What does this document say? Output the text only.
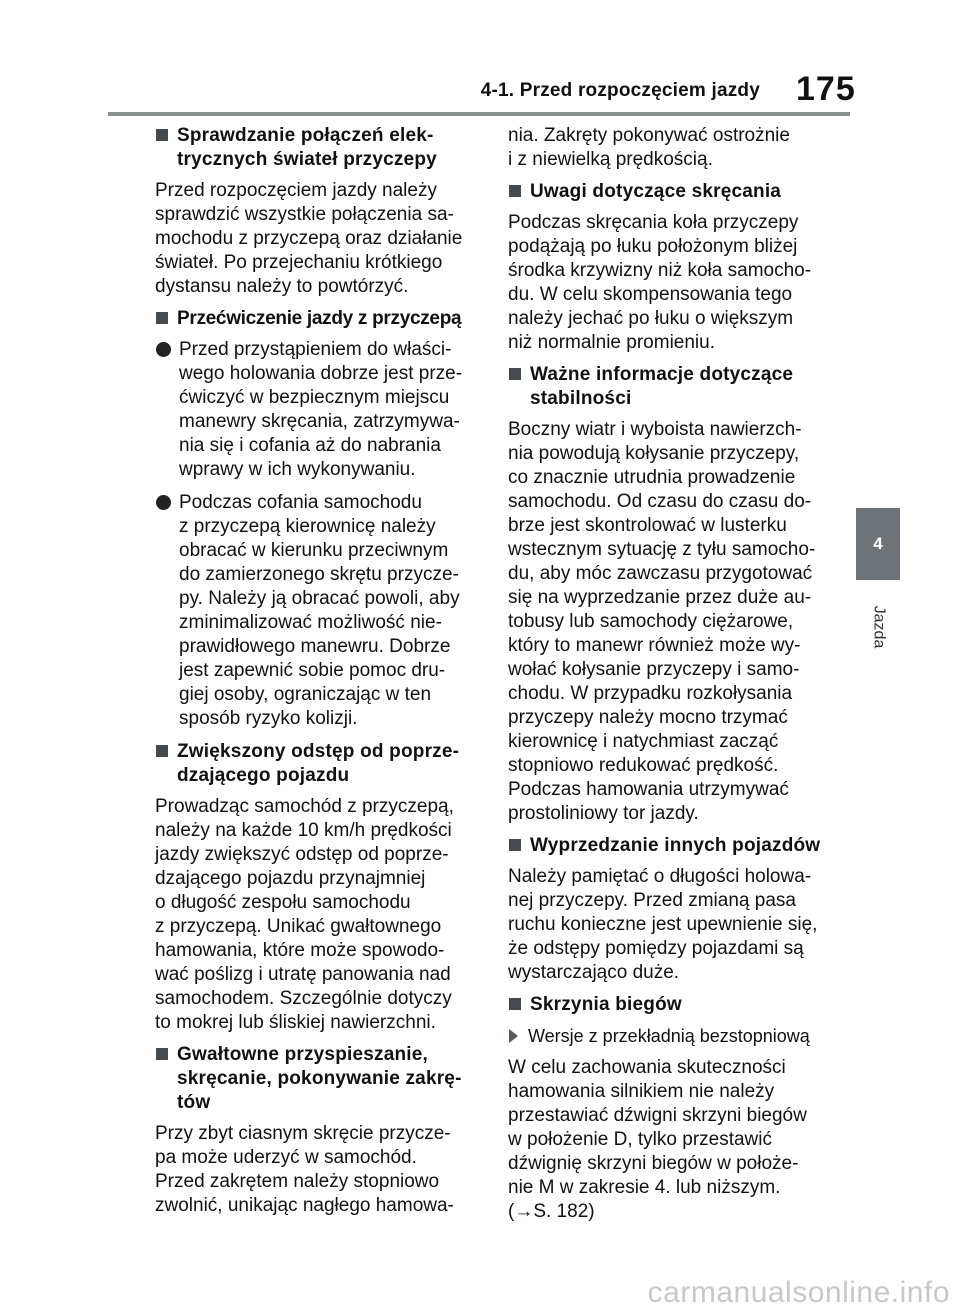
4-1. Przed rozpoczęciem jazdy 175
4
Jazda
Sprawdzanie połączeń elek-
trycznych świateł przyczepy
Przed rozpoczęciem jazdy należy
sprawdzić wszystkie połączenia sa-
mochodu z przyczepą oraz działanie
świateł. Po przejechaniu krótkiego
dystansu należy to powtórzyć.
Przećwiczenie jazdy z przyczepą
Przed przystąpieniem do właści-
wego holowania dobrze jest prze-
ćwiczyć w bezpiecznym miejscu
manewry skręcania, zatrzymywa-
nia się i cofania aż do nabrania
wprawy w ich wykonywaniu.
Podczas cofania samochodu
z przyczepą kierownicę należy
obracać w kierunku przeciwnym
do zamierzonego skrętu przycze-
py. Należy ją obracać powoli, aby
zminimalizować możliwość nie-
prawidłowego manewru. Dobrze
jest zapewnić sobie pomoc dru-
giej osoby, ograniczając w ten
sposób ryzyko kolizji.
Zwiększony odstęp od poprze-
dzającego pojazdu
Prowadząc samochód z przyczepą,
należy na każde 10 km/h prędkości
jazdy zwiększyć odstęp od poprze-
dzającego pojazdu przynajmniej
o długość zespołu samochodu
z przyczepą. Unikać gwałtownego
hamowania, które może spowodo-
wać poślizg i utratę panowania nad
samochodem. Szczególnie dotyczy
to mokrej lub śliskiej nawierzchni.
Gwałtowne przyspieszanie,
skręcanie, pokonywanie zakrę-
tów
Przy zbyt ciasnym skręcie przycze-
pa może uderzyć w samochód.
Przed zakrętem należy stopniowo
zwolnić, unikając nagłego hamowa-
nia. Zakręty pokonywać ostrożnie
i z niewielką prędkością.
Uwagi dotyczące skręcania
Podczas skręcania koła przyczepy
podążają po łuku położonym bliżej
środka krzywizny niż koła samocho-
du. W celu skompensowania tego
należy jechać po łuku o większym
niż normalnie promieniu.
Ważne informacje dotyczące
stabilności
Boczny wiatr i wyboista nawierzch-
nia powodują kołysanie przyczepy,
co znacznie utrudnia prowadzenie
samochodu. Od czasu do czasu do-
brze jest skontrolować w lusterku
wstecznym sytuację z tyłu samocho-
du, aby móc zawczasu przygotować
się na wyprzedzanie przez duże au-
tobusy lub samochody ciężarowe,
który to manewr również może wy-
wołać kołysanie przyczepy i samo-
chodu. W przypadku rozkołysania
przyczepy należy mocno trzymać
kierownicę i natychmiast zacząć
stopniowo redukować prędkość.
Podczas hamowania utrzymywać
prostoliniowy tor jazdy.
Wyprzedzanie innych pojazdów
Należy pamiętać o długości holowa-
nej przyczepy. Przed zmianą pasa
ruchu konieczne jest upewnienie się,
że odstępy pomiędzy pojazdami są
wystarczająco duże.
Skrzynia biegów
Wersje z przekładnią bezstopniową
W celu zachowania skuteczności
hamowania silnikiem nie należy
przestawiać dźwigni skrzyni biegów
w położenie D, tylko przestawić
dźwignię skrzyni biegów w położe-
nie M w zakresie 4. lub niższym.
(→S. 182)
carmanualsonline.info
